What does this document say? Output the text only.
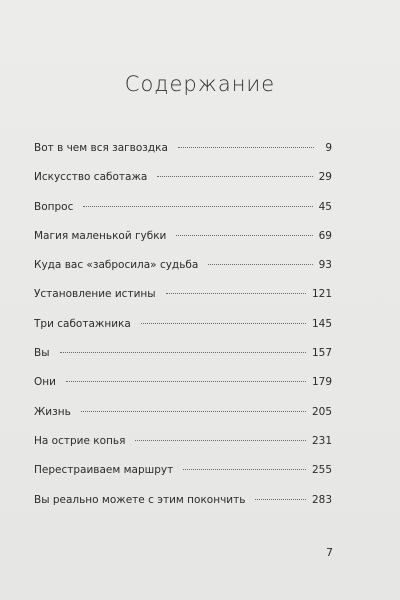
Содержание
Вот в чем вся загвоздка	9
Искусство саботажа	29
Вопрос	45
Магия маленькой губки	69
Куда вас «забросила» судьба	93
Установление истины	121
Три саботажника	145
Вы	157
Они	179
Жизнь	205
На острие копья	231
Перестраиваем маршрут	255
Вы реально можете с этим покончить	283
7
